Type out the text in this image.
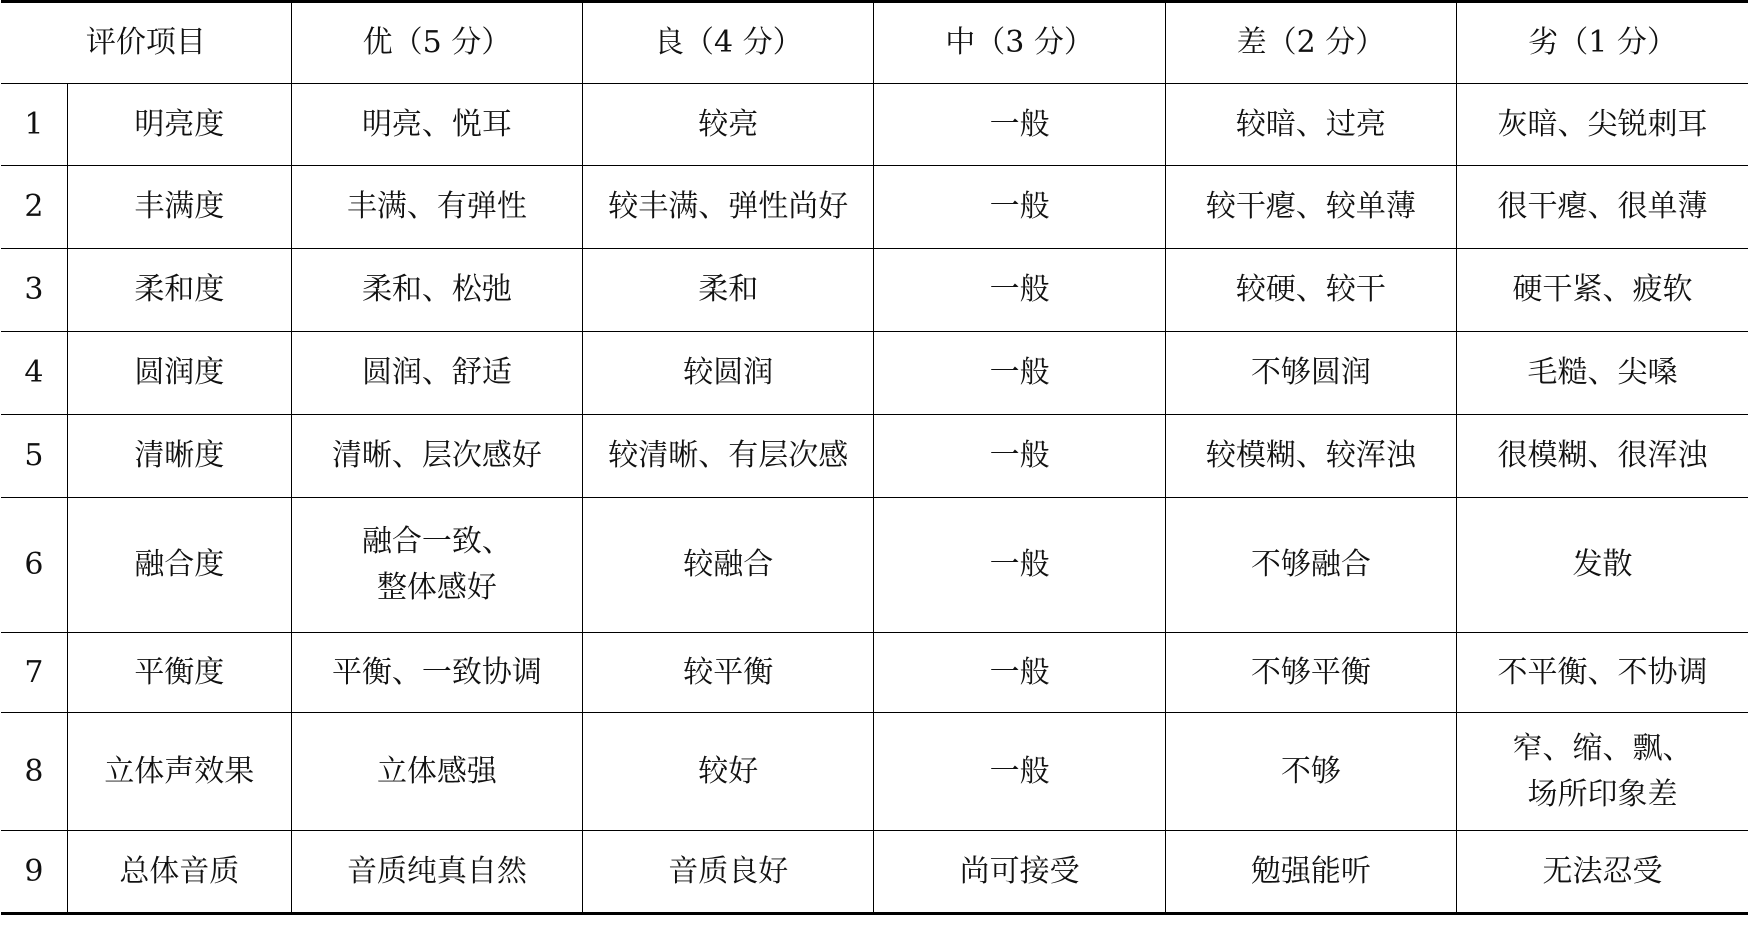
评价项目		优（5 分）	良（4 分）	中（3 分）	差（2 分）	劣（1 分）
1	明亮度	明亮、悦耳	较亮	一般	较暗、过亮	灰暗、尖锐刺耳

2	丰满度	丰满、有弹性	较丰满、弹性尚好	一般	较干瘪、较单薄	很干瘪、很单薄

3	柔和度	柔和、松弛	柔和	一般	较硬、较干	硬干紧、疲软

4	圆润度	圆润、舒适	较圆润	一般	不够圆润	毛糙、尖嗓

5	清晰度	清晰、层次感好	较清晰、有层次感	一般	较模糊、较浑浊	很模糊、很浑浊

6	融合度	融合一致、
整体感好	较融合	一般	不够融合	发散

7	平衡度	平衡、一致协调	较平衡	一般	不够平衡	不平衡、不协调

8	立体声效果	立体感强	较好	一般	不够	窄、缩、飘、
场所印象差

9	总体音质	音质纯真自然	音质良好	尚可接受	勉强能听	无法忍受
